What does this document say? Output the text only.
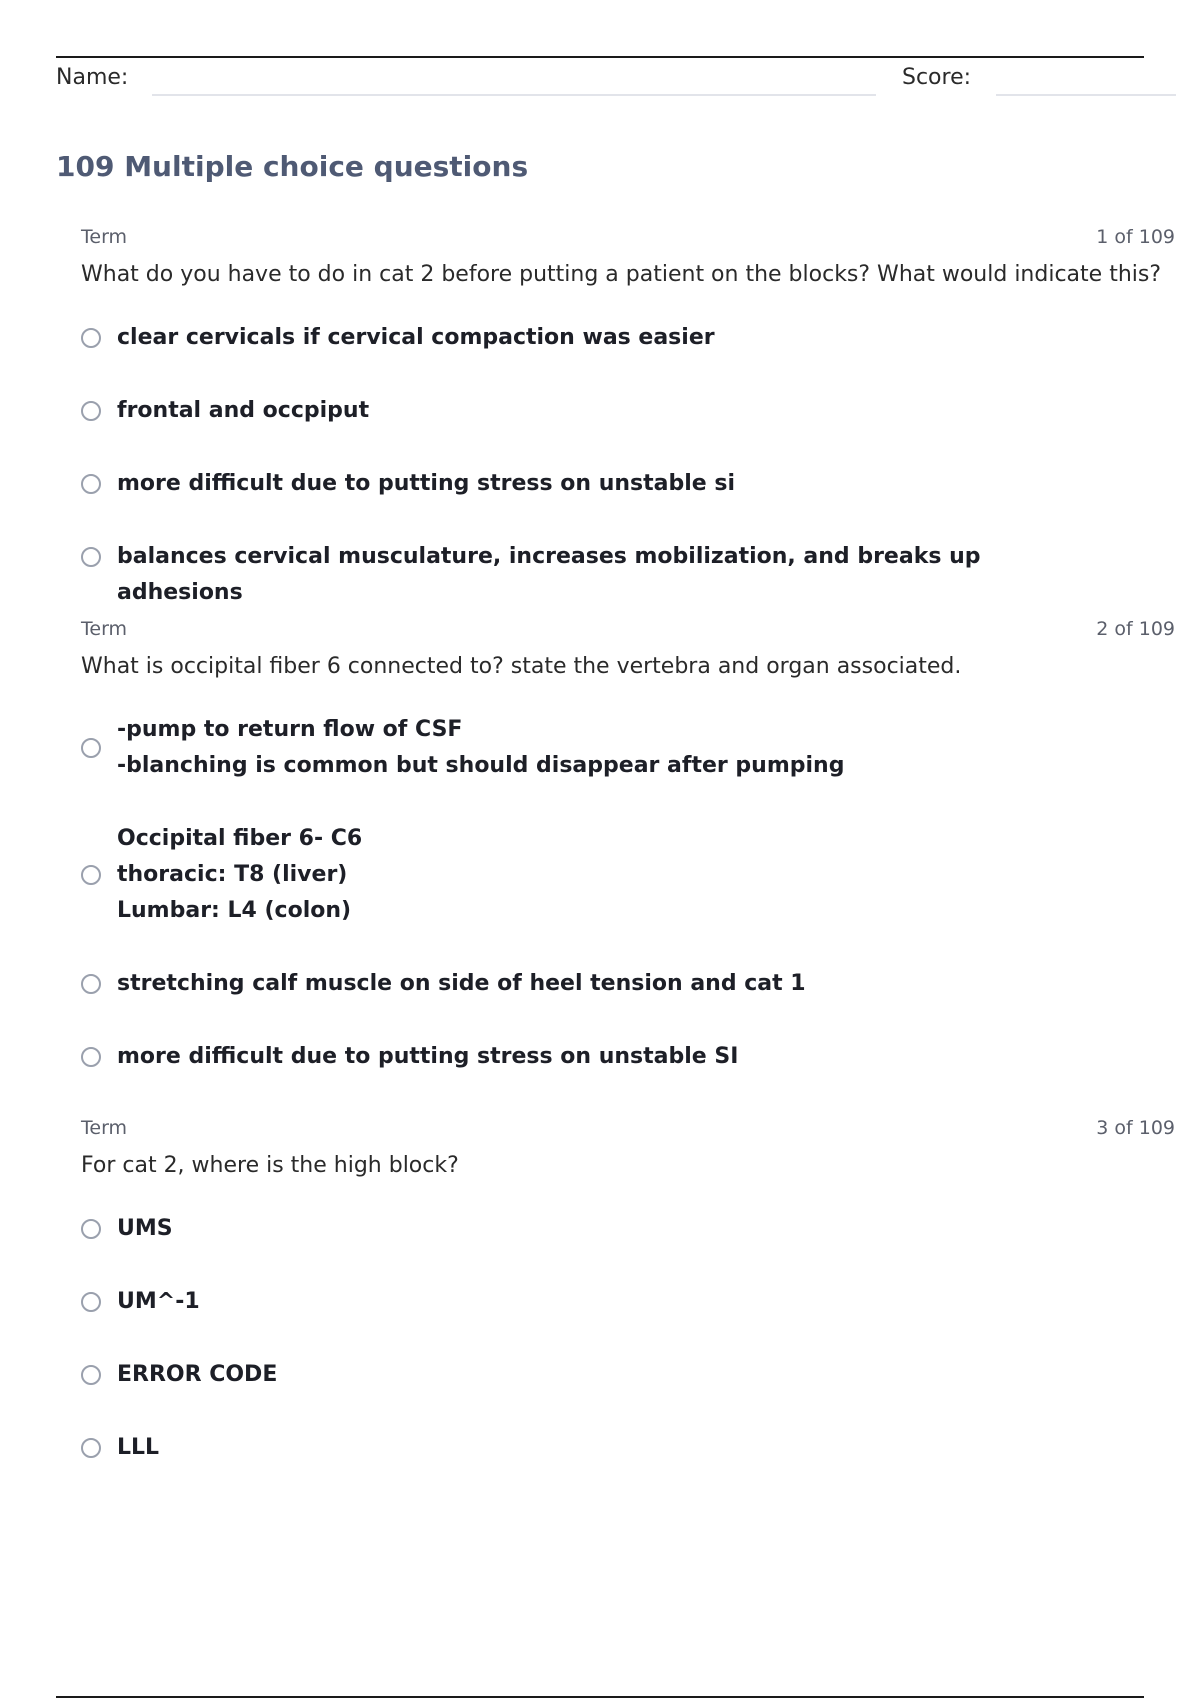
Name:	Score:
109 Multiple choice questions
Term	1 of 109
What do you have to do in cat 2 before putting a patient on the blocks? What would indicate this?
clear cervicals if cervical compaction was easier
frontal and occpiput
more difficult due to putting stress on unstable si
balances cervical musculature, increases mobilization, and breaks up adhesions
Term	2 of 109
What is occipital fiber 6 connected to? state the vertebra and organ associated.
-pump to return flow of CSF
-blanching is common but should disappear after pumping
Occipital fiber 6- C6
thoracic: T8 (liver)
Lumbar: L4 (colon)
stretching calf muscle on side of heel tension and cat 1
more difficult due to putting stress on unstable SI
Term	3 of 109
For cat 2, where is the high block?
UMS
UM^-1
ERROR CODE
LLL
